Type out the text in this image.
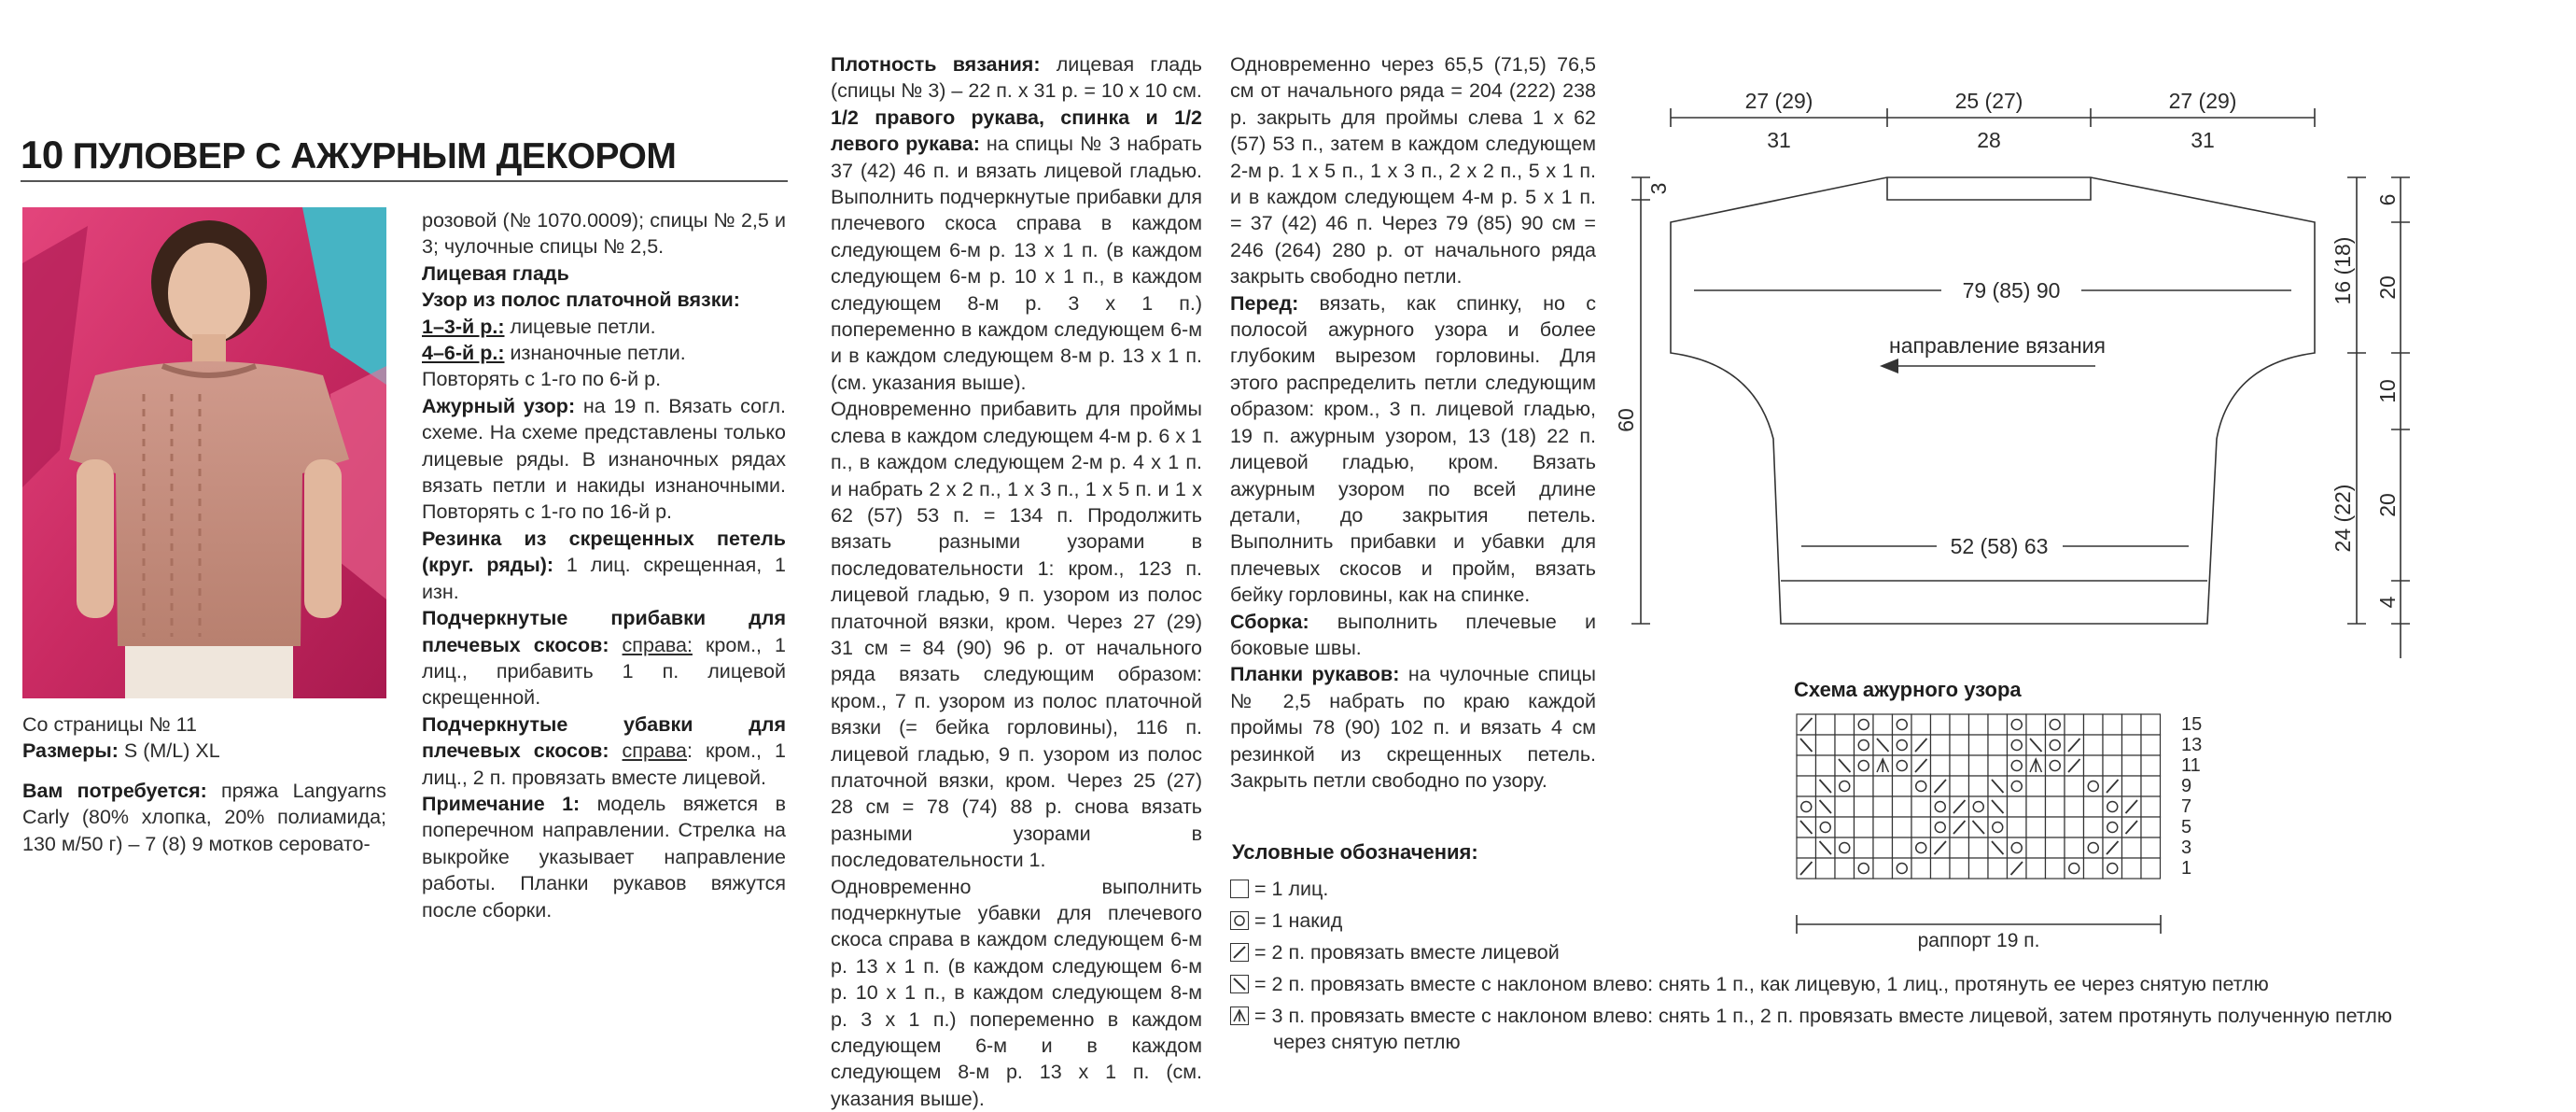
10 ПУЛОВЕР С АЖУРНЫМ ДЕКОРОМ

Со страницы № 11

Размеры: S (M/L) XL

Вам потребуется: пряжа Langyarns Carly (80% хлопка, 20% полиамида; 130 м/50 г) – 7 (8) 9 мотков серовато-

розовой (№ 1070.0009); спицы № 2,5 и 3; чулочные спицы № 2,5.

Лицевая гладь

Узор из полос платочной вязки:

1–3-й р.: лицевые петли.

4–6-й р.: изнаночные петли.

Повторять с 1-го по 6-й р.

Ажурный узор: на 19 п. Вязать согл. схеме. На схеме представлены только лицевые ряды. В изнаночных рядах вязать петли и накиды изнаночными. Повторять с 1-го по 16-й р.

Резинка из скрещенных петель (круг. ряды): 1 лиц. скрещенная, 1 изн.

Подчеркнутые прибавки для плечевых скосов: справа: кром., 1 лиц., прибавить 1 п. лицевой скрещенной.

Подчеркнутые убавки для плечевых скосов: справа: кром., 1 лиц., 2 п. провязать вместе лицевой.

Примечание 1: модель вяжется в поперечном направлении. Стрелка на выкройке указывает направление работы. Планки рукавов вяжутся после сборки.

Плотность вязания: лицевая гладь (спицы № 3) – 22 п. х 31 р. = 10 х 10 см.

1/2 правого рукава, спинка и 1/2 левого рукава: на спицы № 3 набрать 37 (42) 46 п. и вязать лицевой гладью. Выполнить подчеркнутые прибавки для плечевого скоса справа в каждом следующем 6-м р. 13 х 1 п. (в каждом следующем 6-м р. 10 х 1 п., в каждом следующем 8-м р. 3 х 1 п.) попеременно в каждом следующем 6-м и в каждом следующем 8-м р. 13 х 1 п. (см. указания выше).

Одновременно прибавить для проймы слева в каждом следующем 4-м р. 6 х 1 п., в каждом следующем 2-м р. 4 х 1 п. и набрать 2 х 2 п., 1 х 3 п., 1 х 5 п. и 1 х 62 (57) 53 п. = 134 п. Продолжить вязать разными узорами в последовательности 1: кром., 123 п. лицевой гладью, 9 п. узором из полос платочной вязки, кром. Через 27 (29) 31 см = 84 (90) 96 р. от начального ряда вязать следующим образом: кром., 7 п. узором из полос платочной вязки (= бейка горловины), 116 п. лицевой гладью, 9 п. узором из полос платочной вязки, кром. Через 25 (27) 28 см = 78 (74) 88 р. снова вязать разными узорами в последовательности 1.

Одновременно выполнить подчеркнутые убавки для плечевого скоса справа в каждом следующем 6-м р. 13 х 1 п. (в каждом следующем 6-м р. 10 х 1 п., в каждом следующем 8-м р. 3 х 1 п.) попеременно в каждом следующем 6-м и в каждом следующем 8-м р. 13 х 1 п. (см. указания выше).

Одновременно через 65,5 (71,5) 76,5 см от начального ряда = 204 (222) 238 р. закрыть для проймы слева 1 х 62 (57) 53 п., затем в каждом следующем 2-м р. 1 х 5 п., 1 х 3 п., 2 х 2 п., 5 х 1 п. и в каждом следующем 4-м р. 5 х 1 п. = 37 (42) 46 п. Через 79 (85) 90 см = 246 (264) 280 р. от начального ряда закрыть свободно петли.

Перед: вязать, как спинку, но с полосой ажурного узора и более глубоким вырезом горловины. Для этого распределить петли следующим образом: кром., 3 п. лицевой гладью, 19 п. ажурным узором, 13 (18) 22 п. лицевой гладью, кром. Вязать ажурным узором по всей длине детали, до закрытия петель. Выполнить прибавки и убавки для плечевых скосов и пройм, вязать бейку горловины, как на спинке.

Сборка: выполнить плечевые и боковые швы.

Планки рукавов: на чулочные спицы № 2,5 набрать по краю каждой проймы 78 (90) 102 п. и вязать 4 см резинкой из скрещенных петель. Закрыть петли свободно по узору.

Условные обозначения:
= 1 лиц.
= 1 накид
= 2 п. провязать вместе лицевой
= 2 п. провязать вместе с наклоном влево: снять 1 п., как лицевую, 1 лиц., протянуть ее через снятую петлю
= 3 п. провязать вместе с наклоном влево: снять 1 п., 2 п. провязать вместе лицевой, затем протянуть полученную петлю
через снятую петлю
27 (29)	25 (27)	27 (29)
31	28	31
79 (85) 90
направление вязания
52 (58) 63
3
60
16 (18)
24 (22)
6
20
10
20
4
Схема ажурного узора
15
13
11
9
7
5
3
1
раппорт 19 п.
